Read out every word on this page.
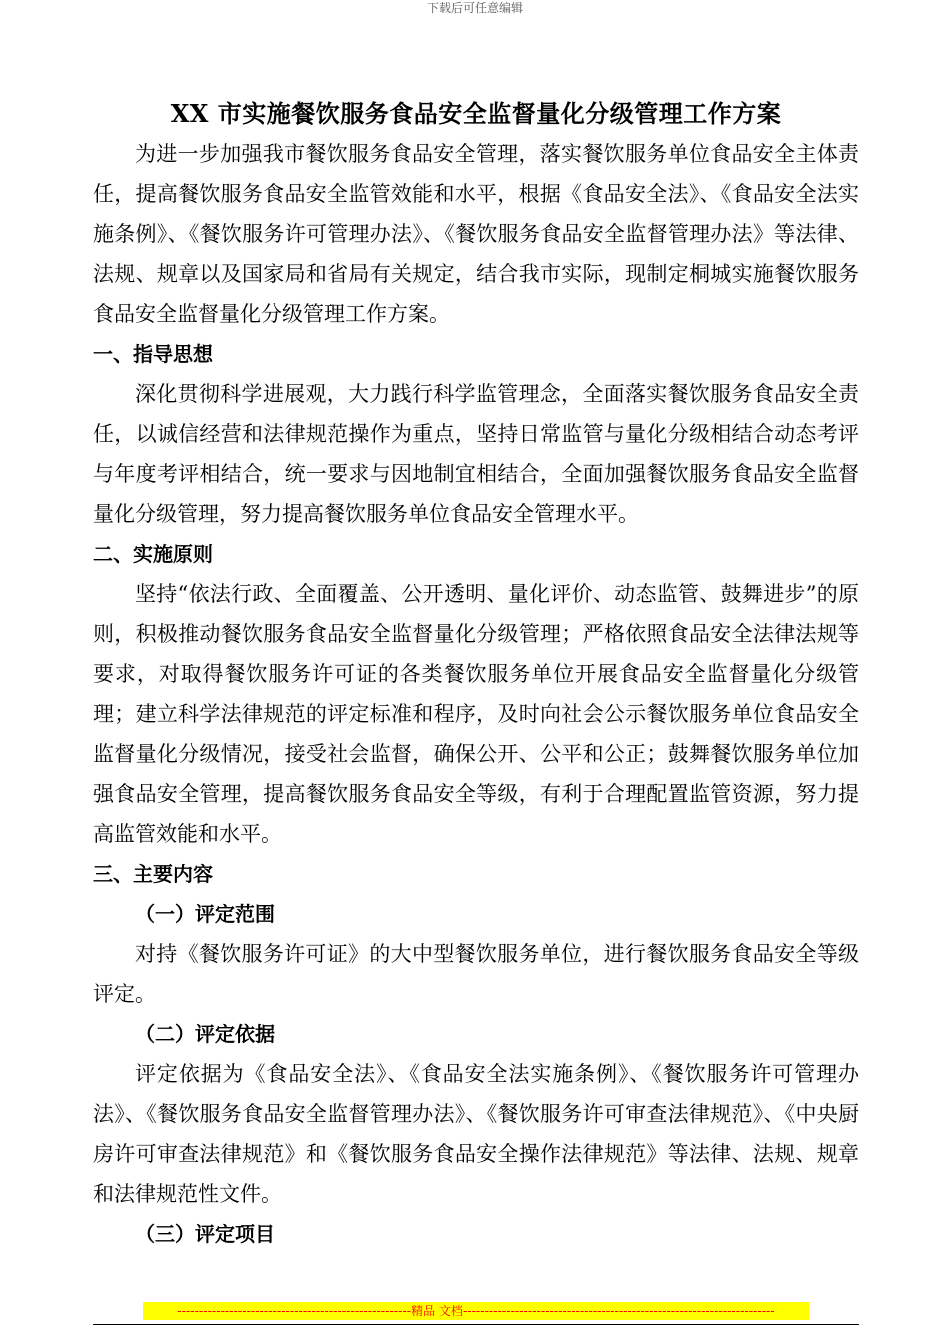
下载后可任意编辑
XX 市实施餐饮服务食品安全监督量化分级管理工作方案

为进一步加强我市餐饮服务食品安全管理，落实餐饮服务单位食品安全主体责任，提高餐饮服务食品安全监管效能和水平，根据《食品安全法》、《食品安全法实施条例》、《餐饮服务许可管理办法》、《餐饮服务食品安全监督管理办法》等法律、法规、规章以及国家局和省局有关规定，结合我市实际，现制定桐城实施餐饮服务食品安全监督量化分级管理工作方案。

一、指导思想

深化贯彻科学进展观，大力践行科学监管理念，全面落实餐饮服务食品安全责任，以诚信经营和法律规范操作为重点，坚持日常监管与量化分级相结合动态考评与年度考评相结合，统一要求与因地制宜相结合，全面加强餐饮服务食品安全监督量化分级管理，努力提高餐饮服务单位食品安全管理水平。

二、实施原则

坚持“依法行政、全面覆盖、公开透明、量化评价、动态监管、鼓舞进步”的原则，积极推动餐饮服务食品安全监督量化分级管理；严格依照食品安全法律法规等要求，对取得餐饮服务许可证的各类餐饮服务单位开展食品安全监督量化分级管理；建立科学法律规范的评定标准和程序，及时向社会公示餐饮服务单位食品安全监督量化分级情况，接受社会监督，确保公开、公平和公正；鼓舞餐饮服务单位加强食品安全管理，提高餐饮服务食品安全等级，有利于合理配置监管资源，努力提高监管效能和水平。

三、主要内容
（一）评定范围

对持《餐饮服务许可证》的大中型餐饮服务单位，进行餐饮服务食品安全等级评定。

（二）评定依据

评定依据为《食品安全法》、《食品安全法实施条例》、《餐饮服务许可管理办法》、《餐饮服务食品安全监督管理办法》、《餐饮服务许可审查法律规范》、《中央厨房许可审查法律规范》和《餐饮服务食品安全操作法律规范》等法律、法规、规章和法律规范性文件。

（三）评定项目
------------------------------------------------------精品 文档------------------------------------------------------------------------
